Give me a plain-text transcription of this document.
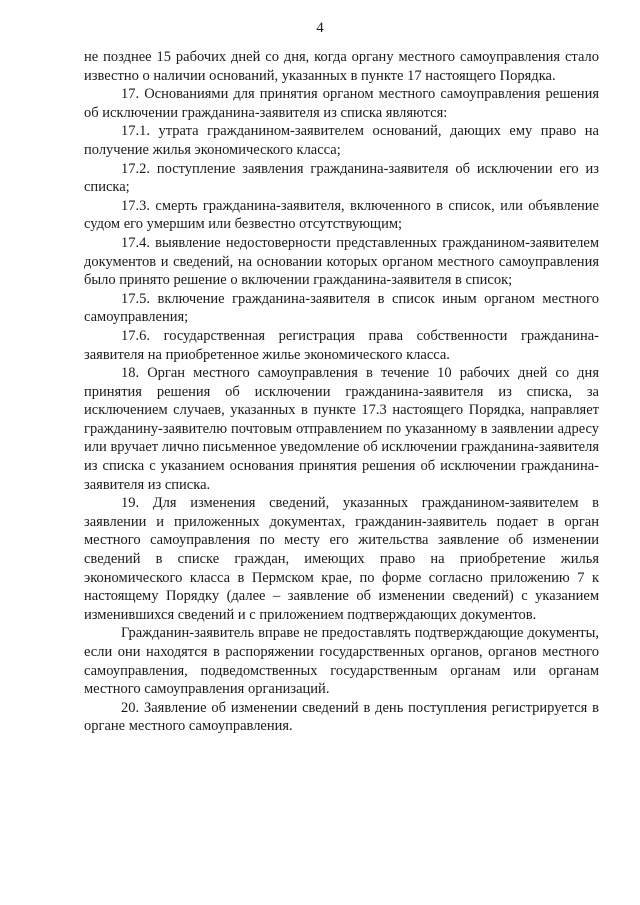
4

не позднее 15 рабочих дней со дня, когда органу местного самоуправления стало известно о наличии оснований, указанных в пункте 17 настоящего Порядка.

17. Основаниями для принятия органом местного самоуправления решения об исключении гражданина-заявителя из списка являются:

17.1. утрата гражданином-заявителем оснований, дающих ему право на получение жилья экономического класса;

17.2. поступление заявления гражданина-заявителя об исключении его из списка;

17.3. смерть гражданина-заявителя, включенного в список, или объявление судом его умершим или безвестно отсутствующим;

17.4. выявление недостоверности представленных гражданином-заявителем документов и сведений, на основании которых органом местного самоуправления было принято решение о включении гражданина-заявителя в список;

17.5. включение гражданина-заявителя в список иным органом местного самоуправления;

17.6. государственная регистрация права собственности гражданина-заявителя на приобретенное жилье экономического класса.

18. Орган местного самоуправления в течение 10 рабочих дней со дня принятия решения об исключении гражданина-заявителя из списка, за исключением случаев, указанных в пункте 17.3 настоящего Порядка, направляет гражданину-заявителю почтовым отправлением по указанному в заявлении адресу или вручает лично письменное уведомление об исключении гражданина-заявителя из списка с указанием основания принятия решения об исключении гражданина-заявителя из списка.

19. Для изменения сведений, указанных гражданином-заявителем в заявлении и приложенных документах, гражданин-заявитель подает в орган местного самоуправления по месту его жительства заявление об изменении сведений в списке граждан, имеющих право на приобретение жилья экономического класса в Пермском крае, по форме согласно приложению 7 к настоящему Порядку (далее – заявление об изменении сведений) с указанием изменившихся сведений и с приложением подтверждающих документов.

Гражданин-заявитель вправе не предоставлять подтверждающие документы, если они находятся в распоряжении государственных органов, органов местного самоуправления, подведомственных государственным органам или органам местного самоуправления организаций.

20. Заявление об изменении сведений в день поступления регистрируется в органе местного самоуправления.
